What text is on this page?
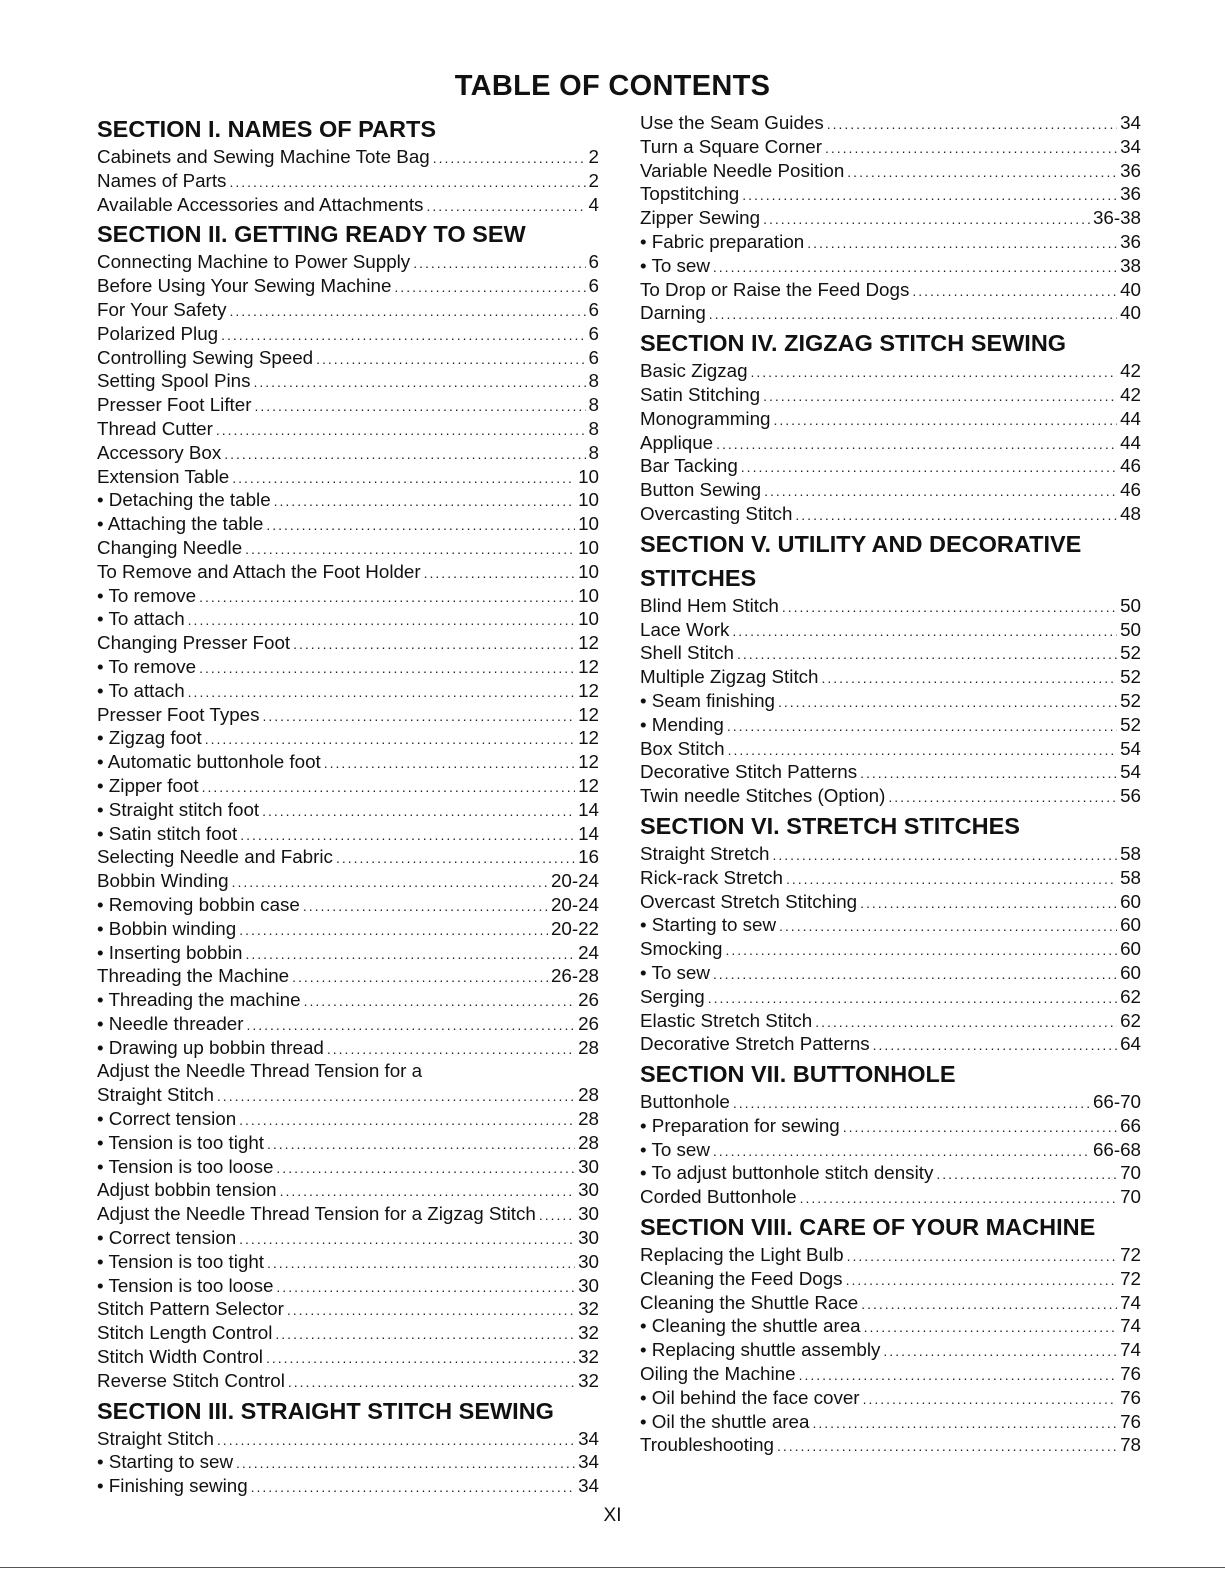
TABLE OF CONTENTS
SECTION I. NAMES OF PARTS
Cabinets and Sewing Machine Tote Bag .....	2
Names of Parts .....	2
Available Accessories and Attachments .....	4
SECTION II. GETTING READY TO SEW
Connecting Machine to Power Supply .....	6
Before Using Your Sewing Machine .....	6
For Your Safety .....	6
Polarized Plug .....	6
Controlling Sewing Speed .....	6
Setting Spool Pins .....	8
Presser Foot Lifter .....	8
Thread Cutter .....	8
Accessory Box .....	8
Extension Table .....	10
• Detaching the table .....	10
• Attaching the table .....	10
Changing Needle .....	10
To Remove and Attach the Foot Holder .....	10
• To remove .....	10
• To attach .....	10
Changing Presser Foot .....	12
• To remove .....	12
• To attach .....	12
Presser Foot Types .....	12
• Zigzag foot .....	12
• Automatic buttonhole foot .....	12
• Zipper foot .....	12
• Straight stitch foot .....	14
• Satin stitch foot .....	14
Selecting Needle and Fabric .....	16
Bobbin Winding .....	20-24
• Removing bobbin case .....	20-24
• Bobbin winding .....	20-22
• Inserting bobbin .....	24
Threading the Machine .....	26-28
• Threading the machine .....	26
• Needle threader .....	26
• Drawing up bobbin thread .....	28
Adjust the Needle Thread Tension for a
Straight Stitch .....	28
• Correct tension .....	28
• Tension is too tight .....	28
• Tension is too loose .....	30
Adjust bobbin tension .....	30
Adjust the Needle Thread Tension for a Zigzag Stitch ..... 30
• Correct tension .....	30
• Tension is too tight .....	30
• Tension is too loose .....	30
Stitch Pattern Selector .....	32
Stitch Length Control .....	32
Stitch Width Control .....	32
Reverse Stitch Control .....	32
SECTION III. STRAIGHT STITCH SEWING
Straight Stitch .....	34
• Starting to sew .....	34
• Finishing sewing .....	34
Use the Seam Guides .....	34
Turn a Square Corner .....	34
Variable Needle Position .....	36
Topstitching .....	36
Zipper Sewing .....	36-38
• Fabric preparation .....	36
• To sew .....	38
To Drop or Raise the Feed Dogs .....	40
Darning .....	40
SECTION IV. ZIGZAG STITCH SEWING
Basic Zigzag .....	42
Satin Stitching .....	42
Monogramming .....	44
Applique .....	44
Bar Tacking .....	46
Button Sewing .....	46
Overcasting Stitch .....	48
SECTION V. UTILITY AND DECORATIVE
STITCHES
Blind Hem Stitch .....	50
Lace Work .....	50
Shell Stitch .....	52
Multiple Zigzag Stitch .....	52
• Seam finishing .....	52
• Mending .....	52
Box Stitch .....	54
Decorative Stitch Patterns .....	54
Twin needle Stitches (Option) .....	56
SECTION VI. STRETCH STITCHES
Straight Stretch .....	58
Rick-rack Stretch .....	58
Overcast Stretch Stitching .....	60
• Starting to sew .....	60
Smocking .....	60
• To sew .....	60
Serging .....	62
Elastic Stretch Stitch .....	62
Decorative Stretch Patterns .....	64
SECTION VII. BUTTONHOLE
Buttonhole .....	66-70
• Preparation for sewing .....	66
• To sew .....	66-68
• To adjust buttonhole stitch density .....	70
Corded Buttonhole .....	70
SECTION VIII. CARE OF YOUR MACHINE
Replacing the Light Bulb .....	72
Cleaning the Feed Dogs .....	72
Cleaning the Shuttle Race .....	74
• Cleaning the shuttle area .....	74
• Replacing shuttle assembly .....	74
Oiling the Machine .....	76
• Oil behind the face cover .....	76
• Oil the shuttle area .....	76
Troubleshooting .....	78
XI
